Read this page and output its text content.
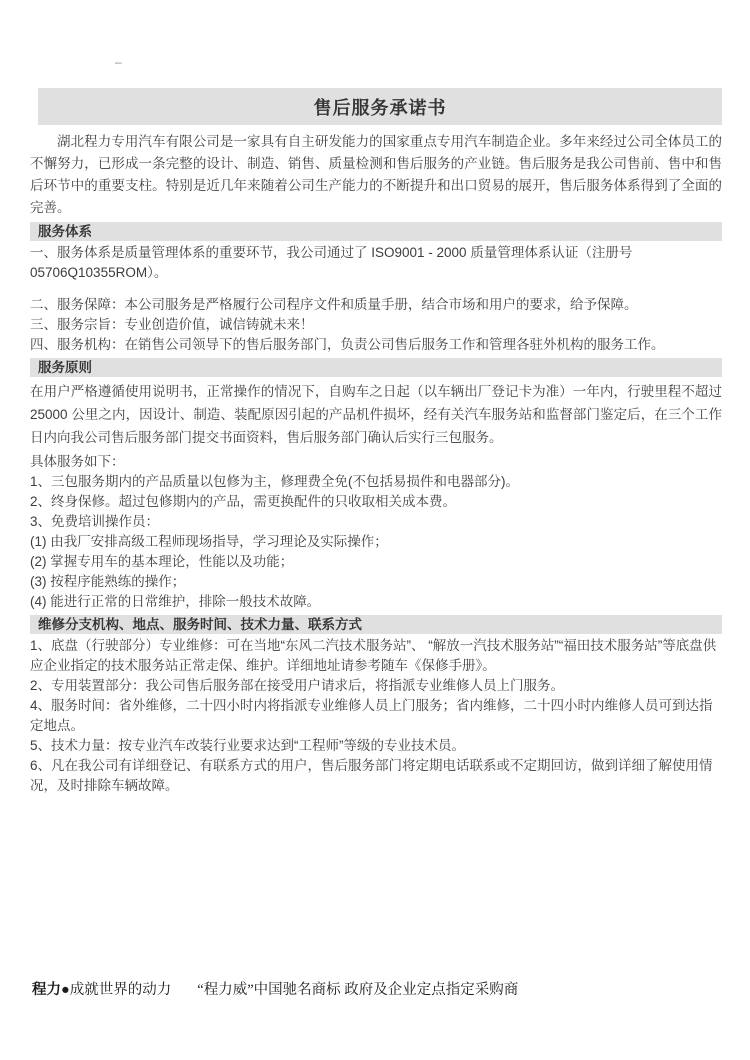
–
售后服务承诺书

湖北程力专用汽车有限公司是一家具有自主研发能力的国家重点专用汽车制造企业。多年来经过公司全体员工的不懈努力，已形成一条完整的设计、制造、销售、质量检测和售后服务的产业链。售后服务是我公司售前、售中和售后环节中的重要支柱。特别是近几年来随着公司生产能力的不断提升和出口贸易的展开，售后服务体系得到了全面的完善。

服务体系
一、服务体系是质量管理体系的重要环节，我公司通过了 ISO9001 - 2000 质量管理体系认证（注册号 05706Q10355ROM）。
二、服务保障：本公司服务是严格履行公司程序文件和质量手册，结合市场和用户的要求，给予保障。
三、服务宗旨：专业创造价值，诚信铸就未来！
四、服务机构：在销售公司领导下的售后服务部门，负责公司售后服务工作和管理各驻外机构的服务工作。
服务原则

在用户严格遵循使用说明书，正常操作的情况下，自购车之日起（以车辆出厂登记卡为准）一年内，行驶里程不超过 25000 公里之内，因设计、制造、装配原因引起的产品机件损坏，经有关汽车服务站和监督部门鉴定后，在三个工作日内向我公司售后服务部门提交书面资料，售后服务部门确认后实行三包服务。

具体服务如下：
1、三包服务期内的产品质量以包修为主，修理费全免(不包括易损件和电器部分)。
2、终身保修。超过包修期内的产品，需更换配件的只收取相关成本费。
3、免费培训操作员：
(1) 由我厂安排高级工程师现场指导，学习理论及实际操作；
(2) 掌握专用车的基本理论，性能以及功能；
(3) 按程序能熟练的操作；
(4) 能进行正常的日常维护，排除一般技术故障。
维修分支机构、地点、服务时间、技术力量、联系方式
1、底盘（行驶部分）专业维修：可在当地“东风二汽技术服务站”、 “解放一汽技术服务站”“福田技术服务站”等底盘供应企业指定的技术服务站正常走保、维护。详细地址请参考随车《保修手册》。
2、专用装置部分：我公司售后服务部在接受用户请求后，将指派专业维修人员上门服务。
4、服务时间：省外维修，二十四小时内将指派专业维修人员上门服务；省内维修，二十四小时内维修人员可到达指定地点。
5、技术力量：按专业汽车改装行业要求达到“工程师”等级的专业技术员。
6、凡在我公司有详细登记、有联系方式的用户，售后服务部门将定期电话联系或不定期回访，做到详细了解使用情况，及时排除车辆故障。
程力●成就世界的动力 “程力威”中国驰名商标 政府及企业定点指定采购商
